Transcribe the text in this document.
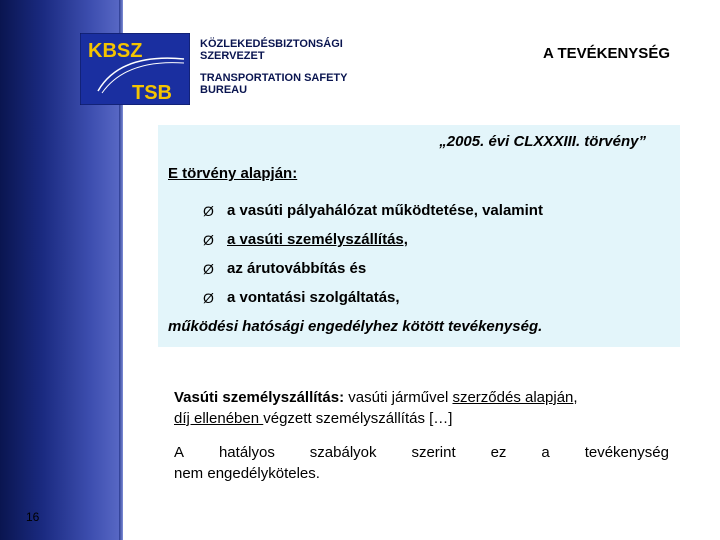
KBSZ
TSB
KÖZLEKEDÉSBIZTONSÁGI
SZERVEZET
TRANSPORTATION SAFETY
BUREAU
A TEVÉKENYSÉG
„2005. évi CLXXXIII. törvény”
E törvény alapján:
Ø a vasúti pályahálózat működtetése, valamint
Ø a vasúti személyszállítás,
Ø az árutovábbítás és
Ø a vontatási szolgáltatás,
működési hatósági engedélyhez kötött tevékenység.
Vasúti személyszállítás: vasúti járművel szerződés alapján,
díj ellenében végzett személyszállítás […]
A hatályos szabályok szerint ez a tevékenység
nem engedélyköteles.
16
